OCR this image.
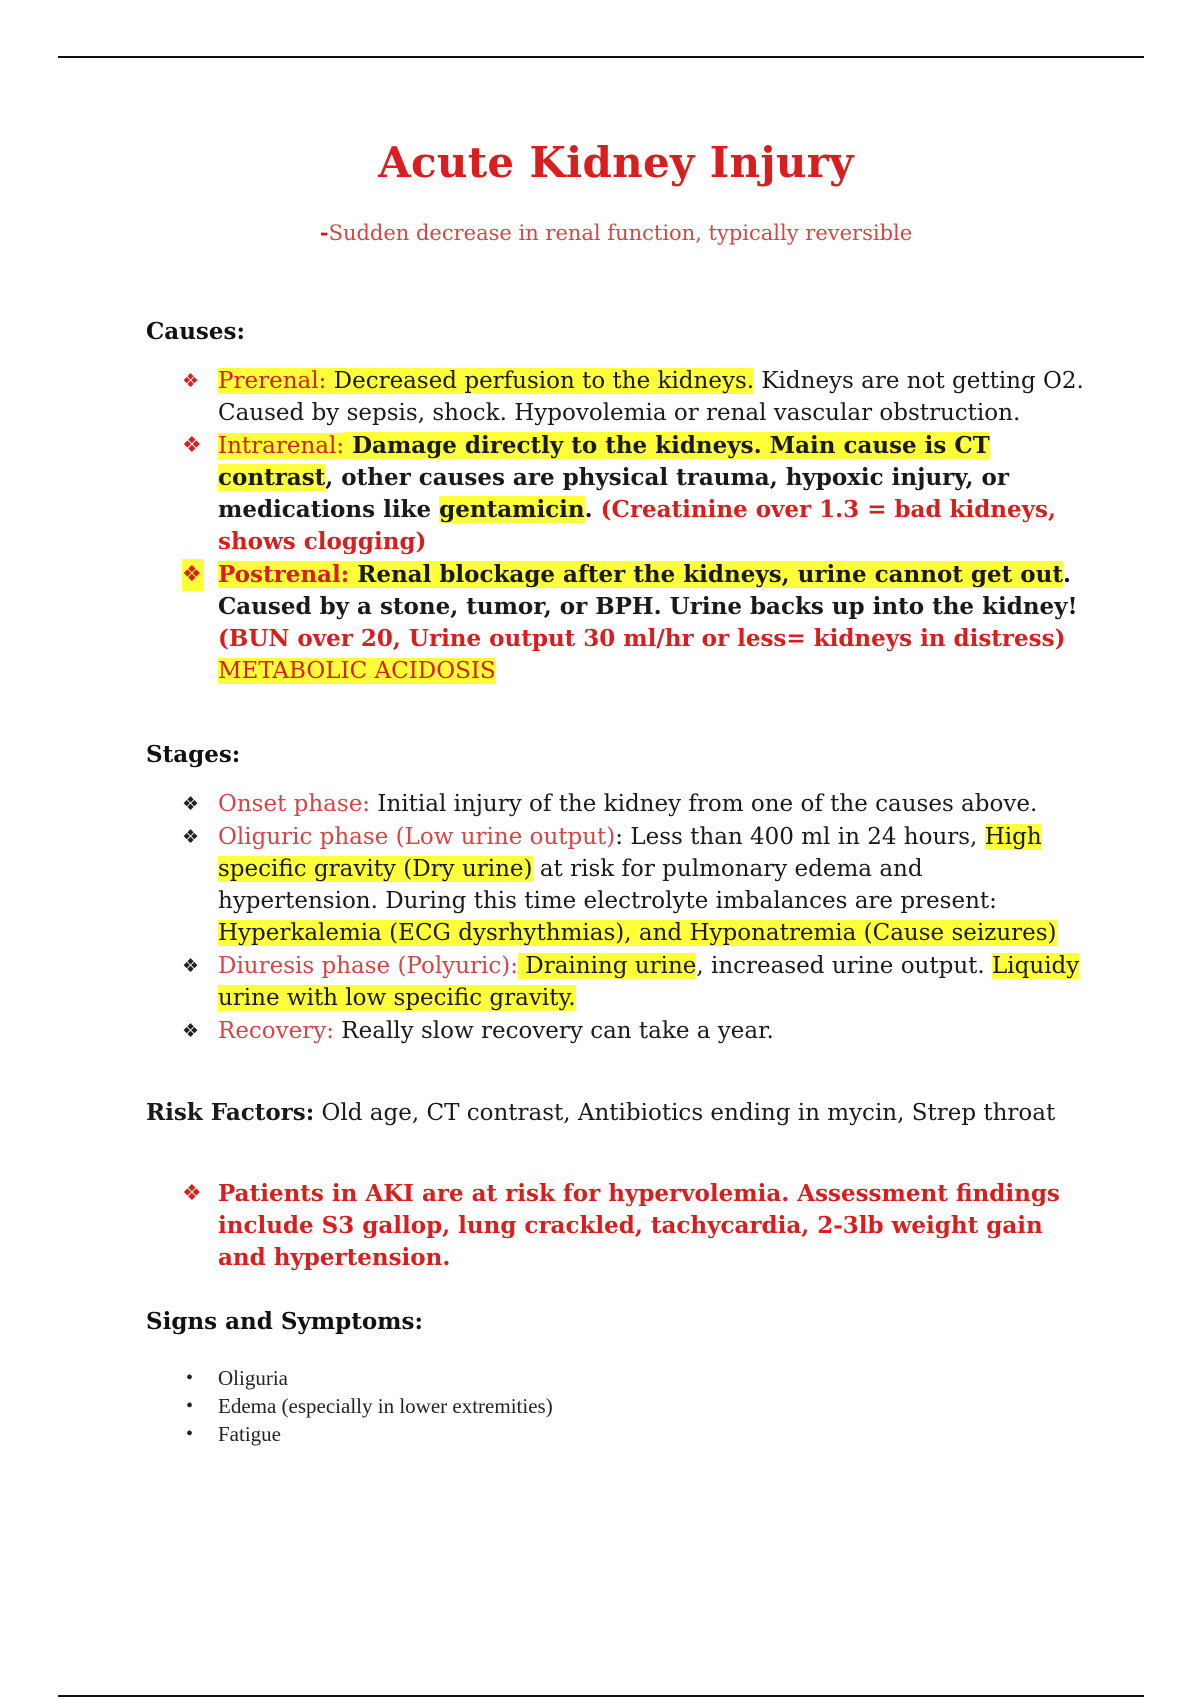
Acute Kidney Injury
-Sudden decrease in renal function, typically reversible
Causes:
❖ Prerenal: Decreased perfusion to the kidneys. Kidneys are not getting O2. Caused by sepsis, shock. Hypovolemia or renal vascular obstruction.
❖ Intrarenal: Damage directly to the kidneys. Main cause is CT contrast, other causes are physical trauma, hypoxic injury, or medications like gentamicin. (Creatinine over 1.3 = bad kidneys, shows clogging)
❖ Postrenal: Renal blockage after the kidneys, urine cannot get out. Caused by a stone, tumor, or BPH. Urine backs up into the kidney! (BUN over 20, Urine output 30 ml/hr or less= kidneys in distress) METABOLIC ACIDOSIS
Stages:
❖ Onset phase: Initial injury of the kidney from one of the causes above.
❖ Oliguric phase (Low urine output): Less than 400 ml in 24 hours, High specific gravity (Dry urine) at risk for pulmonary edema and hypertension. During this time electrolyte imbalances are present: Hyperkalemia (ECG dysrhythmias), and Hyponatremia (Cause seizures)
❖ Diuresis phase (Polyuric): Draining urine, increased urine output. Liquidy urine with low specific gravity.
❖ Recovery: Really slow recovery can take a year.
Risk Factors: Old age, CT contrast, Antibiotics ending in mycin, Strep throat
❖ Patients in AKI are at risk for hypervolemia. Assessment findings include S3 gallop, lung crackled, tachycardia, 2-3lb weight gain and hypertension.
Signs and Symptoms:
• Oliguria
• Edema (especially in lower extremities)
• Fatigue
